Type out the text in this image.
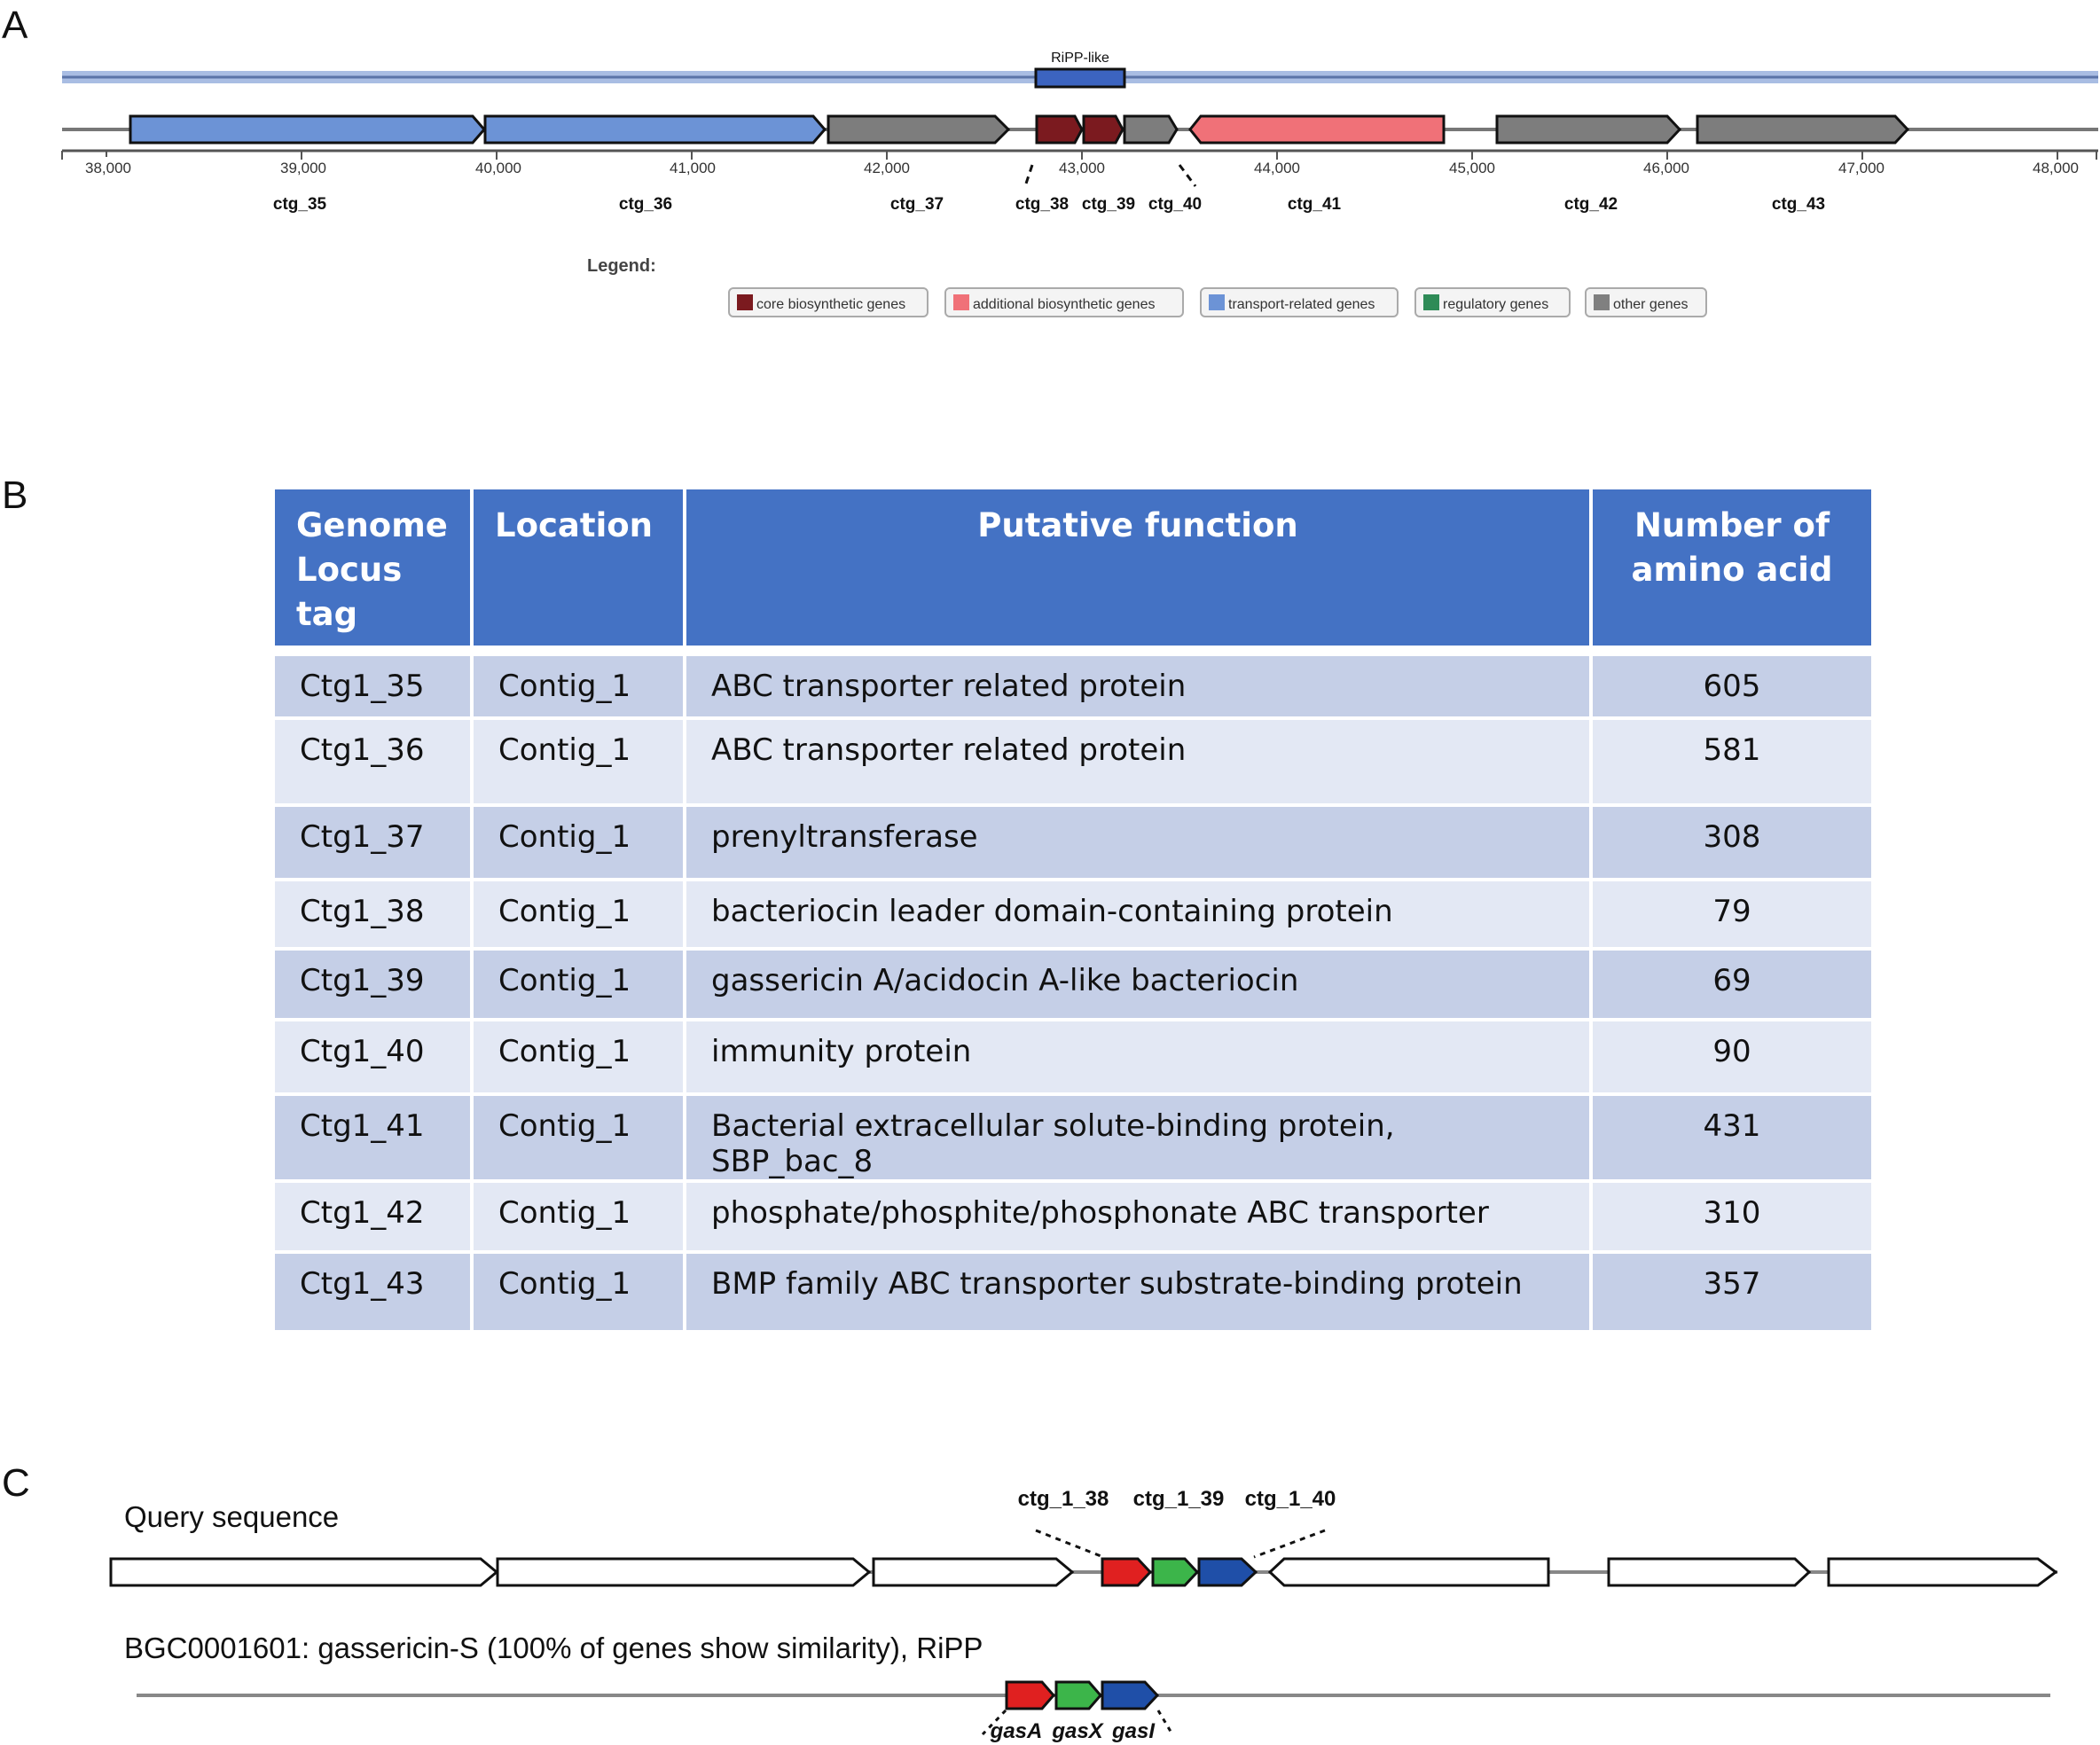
A
B
C
RiPP-like
38,000	39,000	40,000	41,000	42,000	43,000	44,000	45,000	46,000	47,000	48,000
ctg_35	ctg_36	ctg_37	ctg_38 ctg_39 ctg_40	ctg_41	ctg_42	ctg_43
Legend:
core biosynthetic genes	additional biosynthetic genes	transport-related genes	regulatory genes	other genes
Genome Locus tag	Location	Putative function	Number of amino acid

Ctg1_35	Contig_1	ABC transporter related protein	605

Ctg1_36	Contig_1	ABC transporter related protein	581

Ctg1_37	Contig_1	prenyltransferase	308

Ctg1_38	Contig_1	bacteriocin leader domain-containing protein	79

Ctg1_39	Contig_1	gassericin A/acidocin A-like bacteriocin	69

Ctg1_40	Contig_1	immunity protein	90

Ctg1_41	Contig_1	Bacterial extracellular solute-binding protein, SBP_bac_8	431

Ctg1_42	Contig_1	phosphate/phosphite/phosphonate ABC transporter	310

Ctg1_43	Contig_1	BMP family ABC transporter substrate-binding protein	357
Query sequence
ctg_1_38 ctg_1_39 ctg_1_40
BGC0001601: gassericin-S (100% of genes show similarity), RiPP
gasA gasX gasI
